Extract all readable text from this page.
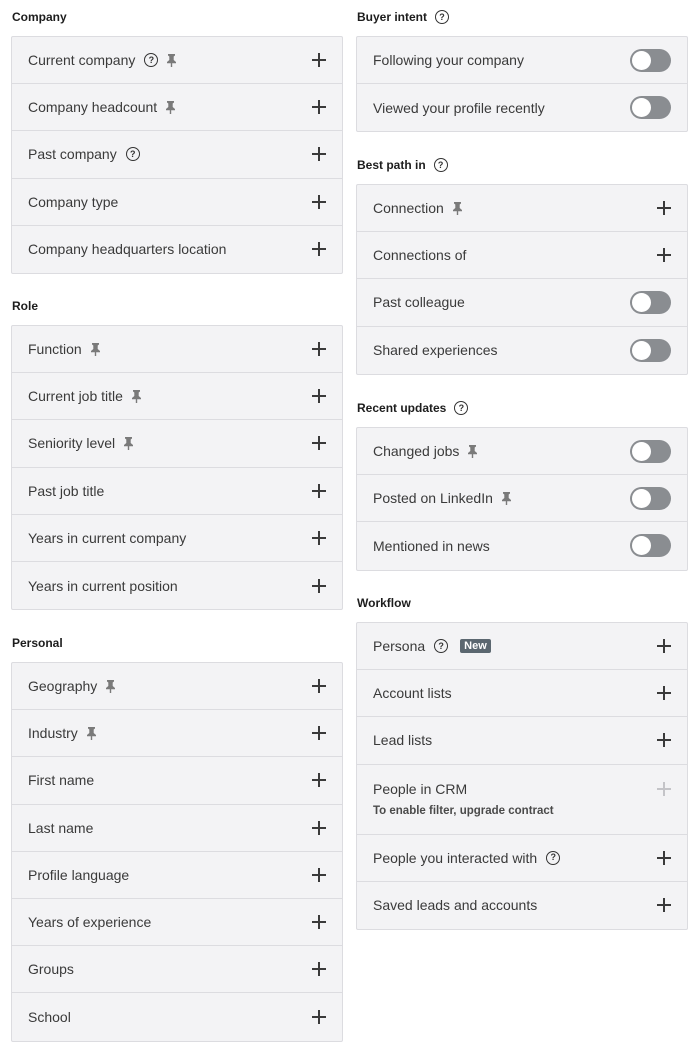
Company
Current company	?
Company headcount
Past company	?
Company type
Company headquarters location
Role
Function
Current job title
Seniority level
Past job title
Years in current company
Years in current position
Personal
Geography
Industry
First name
Last name
Profile language
Years of experience
Groups
School
Buyer intent	?
Following your company
Viewed your profile recently
Best path in	?
Connection
Connections of
Past colleague
Shared experiences
Recent updates	?
Changed jobs
Posted on LinkedIn
Mentioned in news
Workflow
Persona	?	New
Account lists
Lead lists
People in CRM
To enable filter, upgrade contract
People you interacted with	?
Saved leads and accounts
